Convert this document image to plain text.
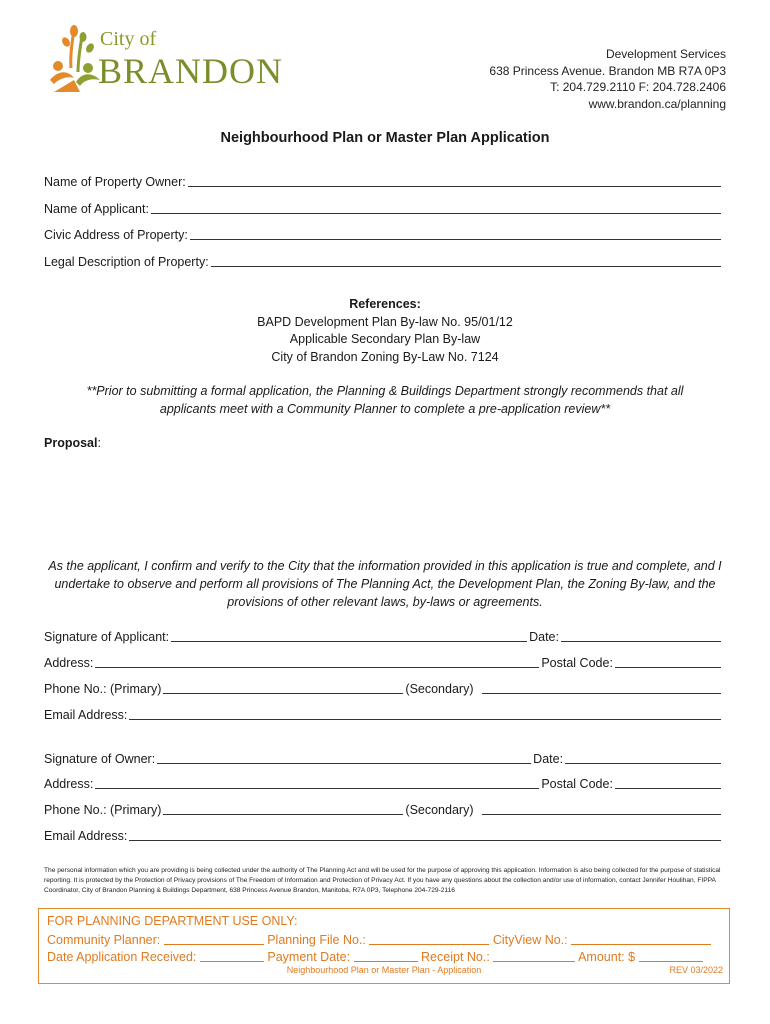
City of
BRANDON	Development Services
638 Princess Avenue. Brandon MB R7A 0P3
T: 204.729.2110 F: 204.728.2406
www.brandon.ca/planning
Neighbourhood Plan or Master Plan Application
Name of Property Owner:
Name of Applicant:
Civic Address of Property:
Legal Description of Property:
References:
BAPD Development Plan By-law No. 95/01/12
Applicable Secondary Plan By-law
City of Brandon Zoning By-Law No. 7124
**Prior to submitting a formal application, the Planning & Buildings Department strongly recommends that all applicants meet with a Community Planner to complete a pre-application review**
Proposal:
As the applicant, I confirm and verify to the City that the information provided in this application is true and complete, and I undertake to observe and perform all provisions of The Planning Act, the Development Plan, the Zoning By-law, and the provisions of other relevant laws, by-laws or agreements.
Signature of Applicant:	Date:
Address:	Postal Code:
Phone No.: (Primary)	(Secondary)
Email Address:
Signature of Owner:	Date:
Address:	Postal Code:
Phone No.: (Primary)	(Secondary)
Email Address:
The personal information which you are providing is being collected under the authority of The Planning Act and will be used for the purpose of approving this application. Information is also being collected for the purpose of statistical reporting. It is protected by the Protection of Privacy provisions of The Freedom of Information and Protection of Privacy Act. If you have any questions about the collection and/or use of information, contact Jennifer Houlihan, FIPPA Coordinator, City of Brandon Planning & Buildings Department, 638 Princess Avenue Brandon, Manitoba, R7A 0P3, Telephone 204-729-2116
FOR PLANNING DEPARTMENT USE ONLY:
Community Planner:	Planning File No.:	CityView No.:
Date Application Received:	Payment Date:	Receipt No.:	Amount: $
Neighbourhood Plan or Master Plan - Application	REV 03/2022
